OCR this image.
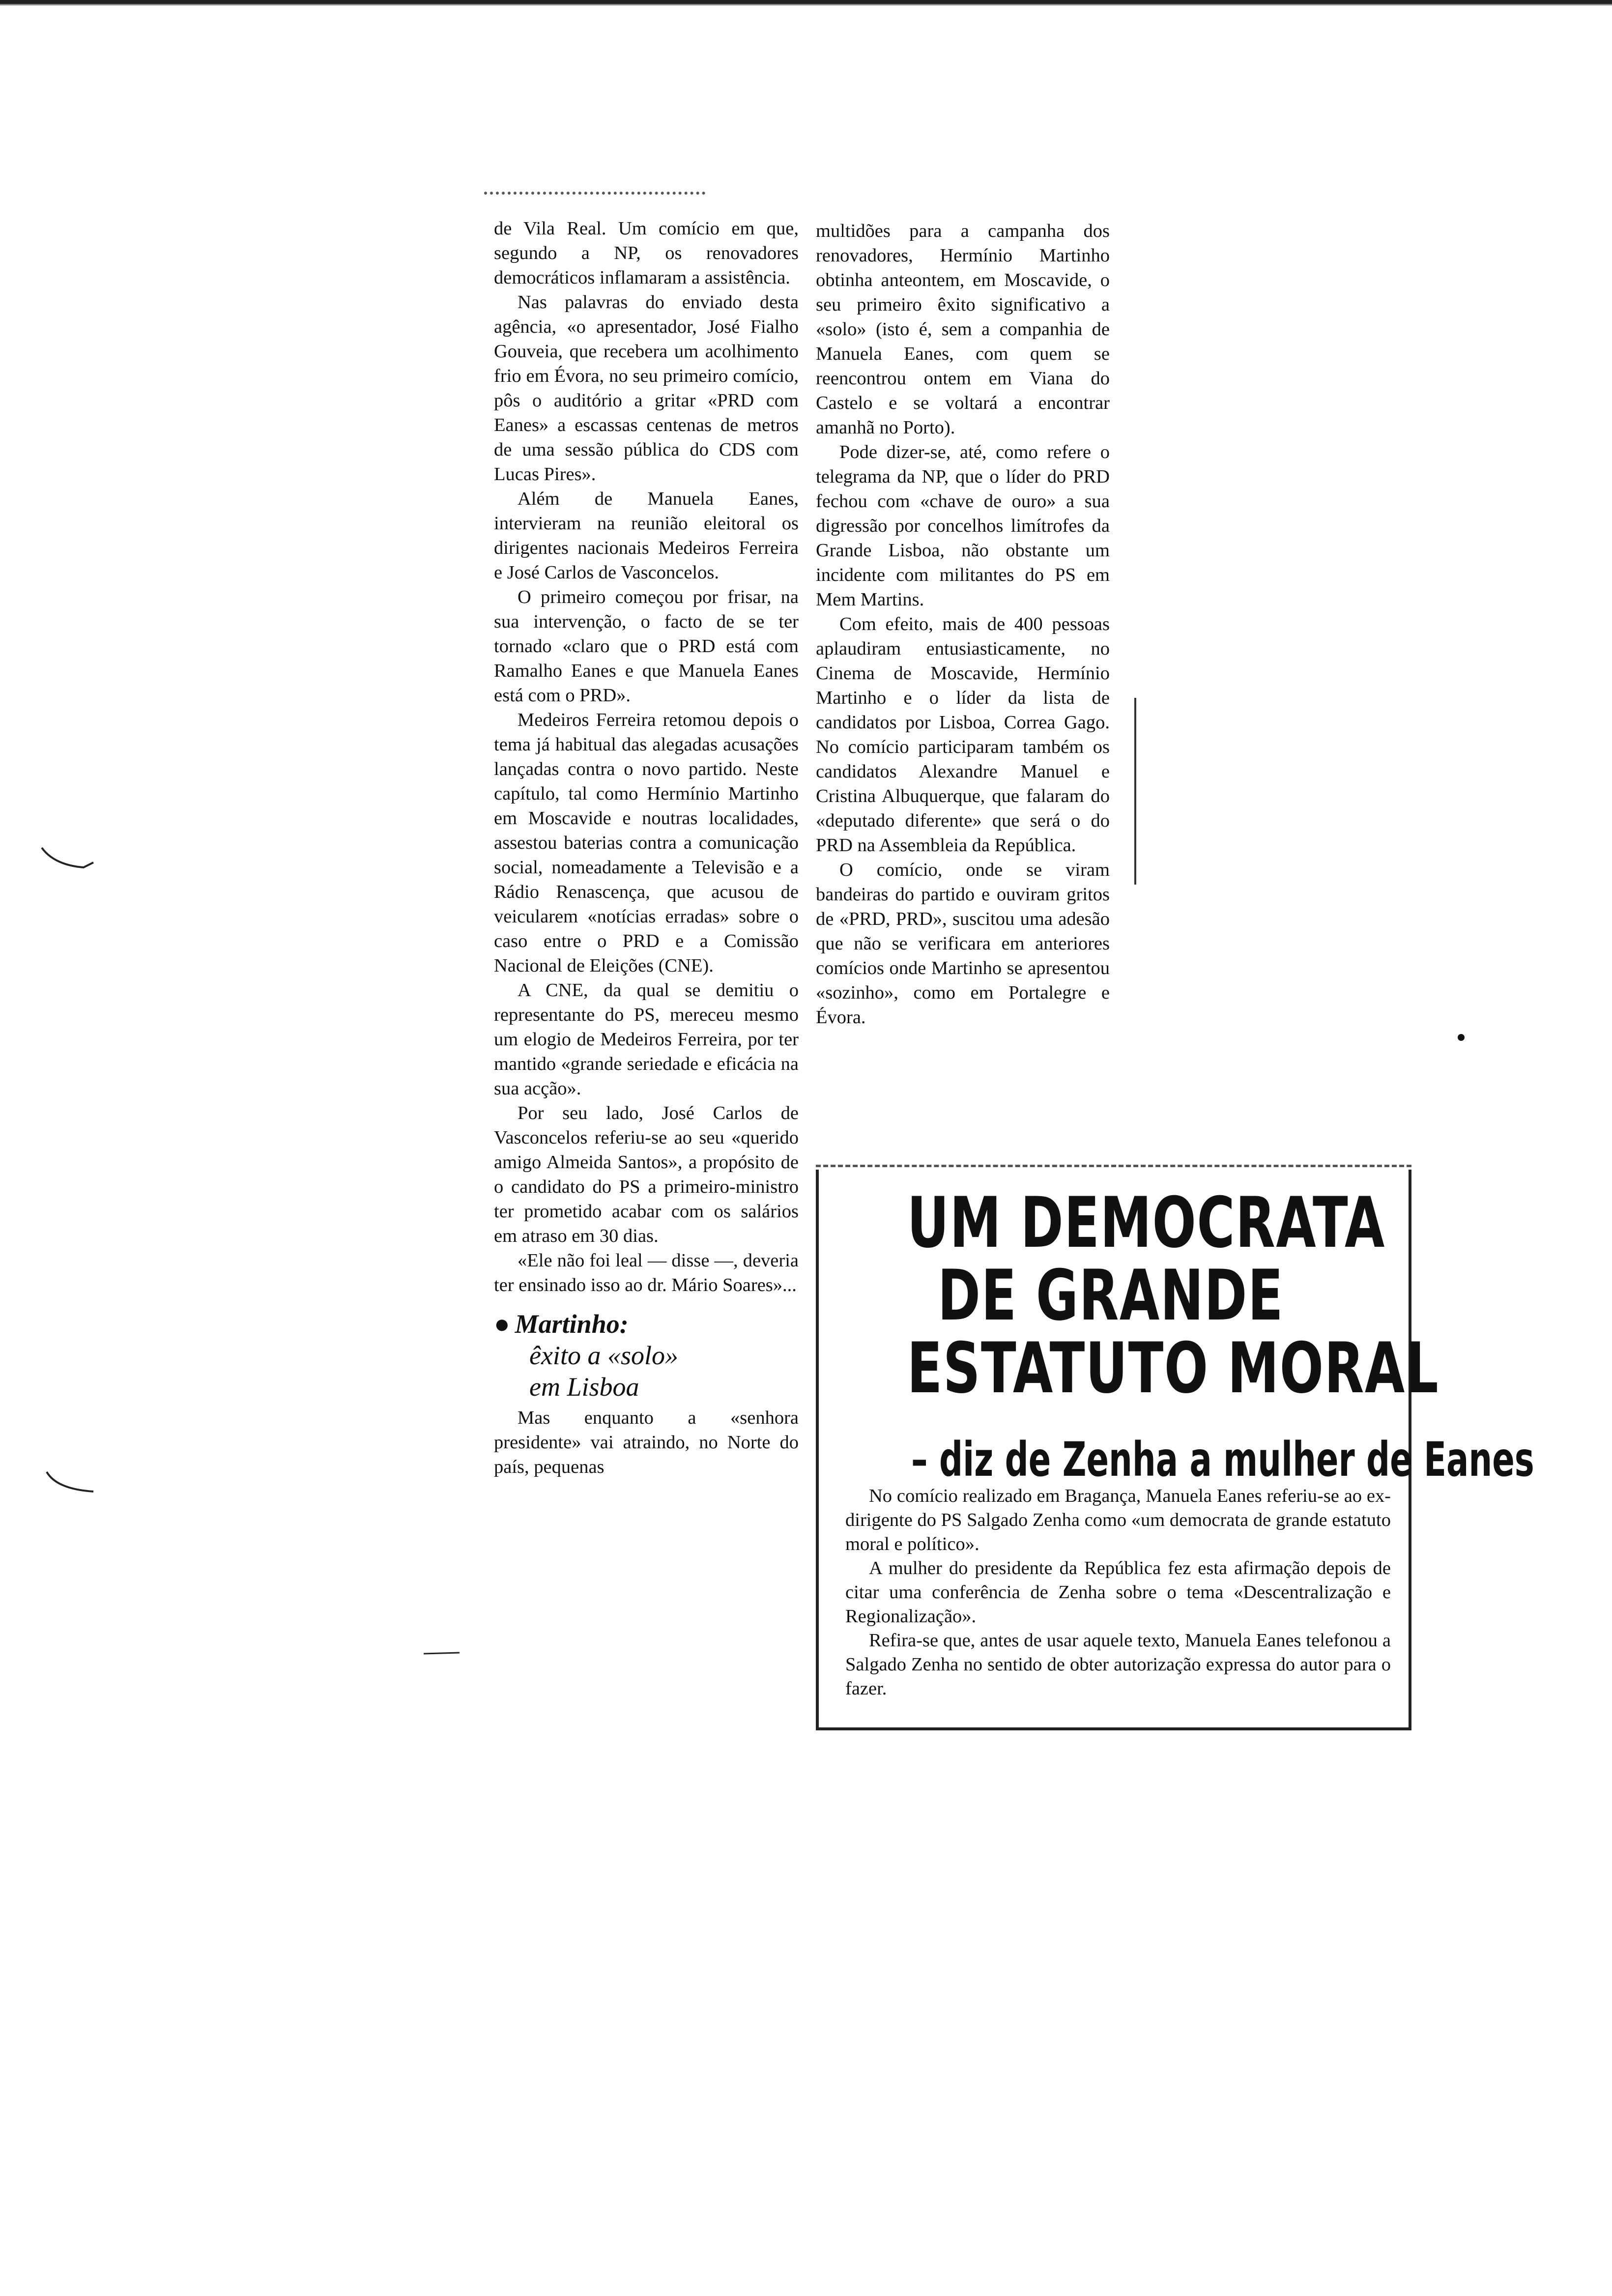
de Vila Real. Um comício em que, segundo a NP, os renovadores democráticos inflamaram a assistência.

Nas palavras do enviado desta agência, «o apresentador, José Fialho Gouveia, que recebera um acolhimento frio em Évora, no seu primeiro comício, pôs o auditório a gritar «PRD com Eanes» a escassas centenas de metros de uma sessão pública do CDS com Lucas Pires».

Além de Manuela Eanes, intervieram na reunião eleitoral os dirigentes nacionais Medeiros Ferreira e José Carlos de Vasconcelos.

O primeiro começou por frisar, na sua intervenção, o facto de se ter tornado «claro que o PRD está com Ramalho Eanes e que Manuela Eanes está com o PRD».

Medeiros Ferreira retomou depois o tema já habitual das alegadas acusações lançadas contra o novo partido. Neste capítulo, tal como Hermínio Martinho em Moscavide e noutras localidades, assestou baterias contra a comunicação social, nomeadamente a Televisão e a Rádio Renascença, que acusou de veicularem «notícias erradas» sobre o caso entre o PRD e a Comissão Nacional de Eleições (CNE).

A CNE, da qual se demitiu o representante do PS, mereceu mesmo um elogio de Medeiros Ferreira, por ter mantido «grande seriedade e eficácia na sua acção».

Por seu lado, José Carlos de Vasconcelos referiu-se ao seu «querido amigo Almeida Santos», a propósito de o candidato do PS a primeiro-ministro ter prometido acabar com os salários em atraso em 30 dias.

«Ele não foi leal — disse —, deveria ter ensinado isso ao dr. Mário Soares»...

● Martinho:
êxito a «solo»
em Lisboa

Mas enquanto a «senhora presidente» vai atraindo, no Norte do país, pequenas

multidões para a campanha dos renovadores, Hermínio Martinho obtinha anteontem, em Moscavide, o seu primeiro êxito significativo a «solo» (isto é, sem a companhia de Manuela Eanes, com quem se reencontrou ontem em Viana do Castelo e se voltará a encontrar amanhã no Porto).

Pode dizer-se, até, como refere o telegrama da NP, que o líder do PRD fechou com «chave de ouro» a sua digressão por concelhos limítrofes da Grande Lisboa, não obstante um incidente com militantes do PS em Mem Martins.

Com efeito, mais de 400 pessoas aplaudiram entusiasticamente, no Cinema de Moscavide, Hermínio Martinho e o líder da lista de candidatos por Lisboa, Correa Gago. No comício participaram também os candidatos Alexandre Manuel e Cristina Albuquerque, que falaram do «deputado diferente» que será o do PRD na Assembleia da República.

O comício, onde se viram bandeiras do partido e ouviram gritos de «PRD, PRD», suscitou uma adesão que não se verificara em anteriores comícios onde Martinho se apresentou «sozinho», como em Portalegre e Évora.

UM DEMOCRATA
DE GRANDE
ESTATUTO MORAL
– diz de Zenha a mulher de Eanes

No comício realizado em Bragança, Manuela Eanes referiu-se ao ex-dirigente do PS Salgado Zenha como «um democrata de grande estatuto moral e político».

A mulher do presidente da República fez esta afirmação depois de citar uma conferência de Zenha sobre o tema «Descentralização e Regionalização».

Refira-se que, antes de usar aquele texto, Manuela Eanes telefonou a Salgado Zenha no sentido de obter autorização expressa do autor para o fazer.
